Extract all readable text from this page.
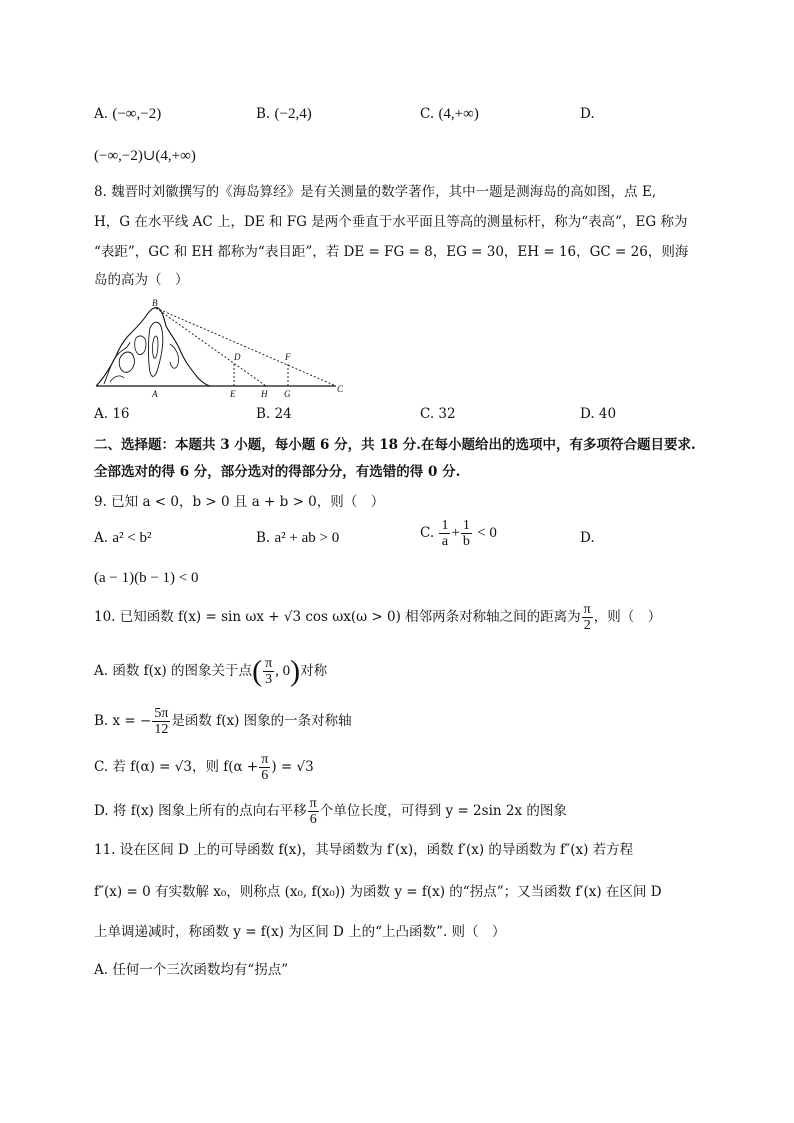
A. (−∞,−2)	B. (−2,4)	C. (4,+∞)	D.
(−∞,−2)∪(4,+∞)
8. 魏晋时刘徽撰写的《海岛算经》是有关测量的数学著作，其中一题是测海岛的高如图，点 E,
H，G 在水平线 AC 上，DE 和 FG 是两个垂直于水平面且等高的测量标杆，称为“表高”，EG 称为
“表距”，GC 和 EH 都称为“表目距”，若 DE = FG = 8，EG = 30，EH = 16，GC = 26，则海
岛的高为（　）
B
D	F
A	E	H G	C
A. 16	B. 24	C. 32	D. 40
二、选择题：本题共 3 小题，每小题 6 分，共 18 分.在每小题给出的选项中，有多项符合题目要求.
全部选对的得 6 分，部分选对的得部分分，有选错的得 0 分.
9. 已知 a < 0，b > 0 且 a + b > 0，则（　）
A. a² < b²	B. a² + ab > 0	C. $\frac{1}{a} + \frac{1}{b} < 0$	D.
(a − 1)(b − 1) < 0
10. 已知函数 f(x) = sin ωx + √3 cos ωx(ω > 0) 相邻两条对称轴之间的距离为 $\frac{\pi}{2}$ ，则（　）
A. 函数 f(x) 的图象关于点( $\frac{\pi}{3}$ , 0)对称
B. x = − $\frac{5\pi}{12}$ 是函数 f(x) 图象的一条对称轴
C. 若 f(α) = √3，则 $f(\alpha + \frac{\pi}{6}$ ) = √3
D. 将 f(x) 图象上所有的点向右平移 $\frac{\pi}{6}$ 个单位长度，可得到 y = 2sin 2x 的图象
11. 设在区间 D 上的可导函数 f(x)，其导函数为 f′(x)，函数 f′(x) 的导函数为 f″(x) 若方程
f″(x) = 0 有实数解 x₀，则称点 (x₀, f(x₀)) 为函数 y = f(x) 的“拐点”；又当函数 f′(x) 在区间 D
上单调递减时，称函数 y = f(x) 为区间 D 上的“上凸函数”. 则（　）
A. 任何一个三次函数均有“拐点”
